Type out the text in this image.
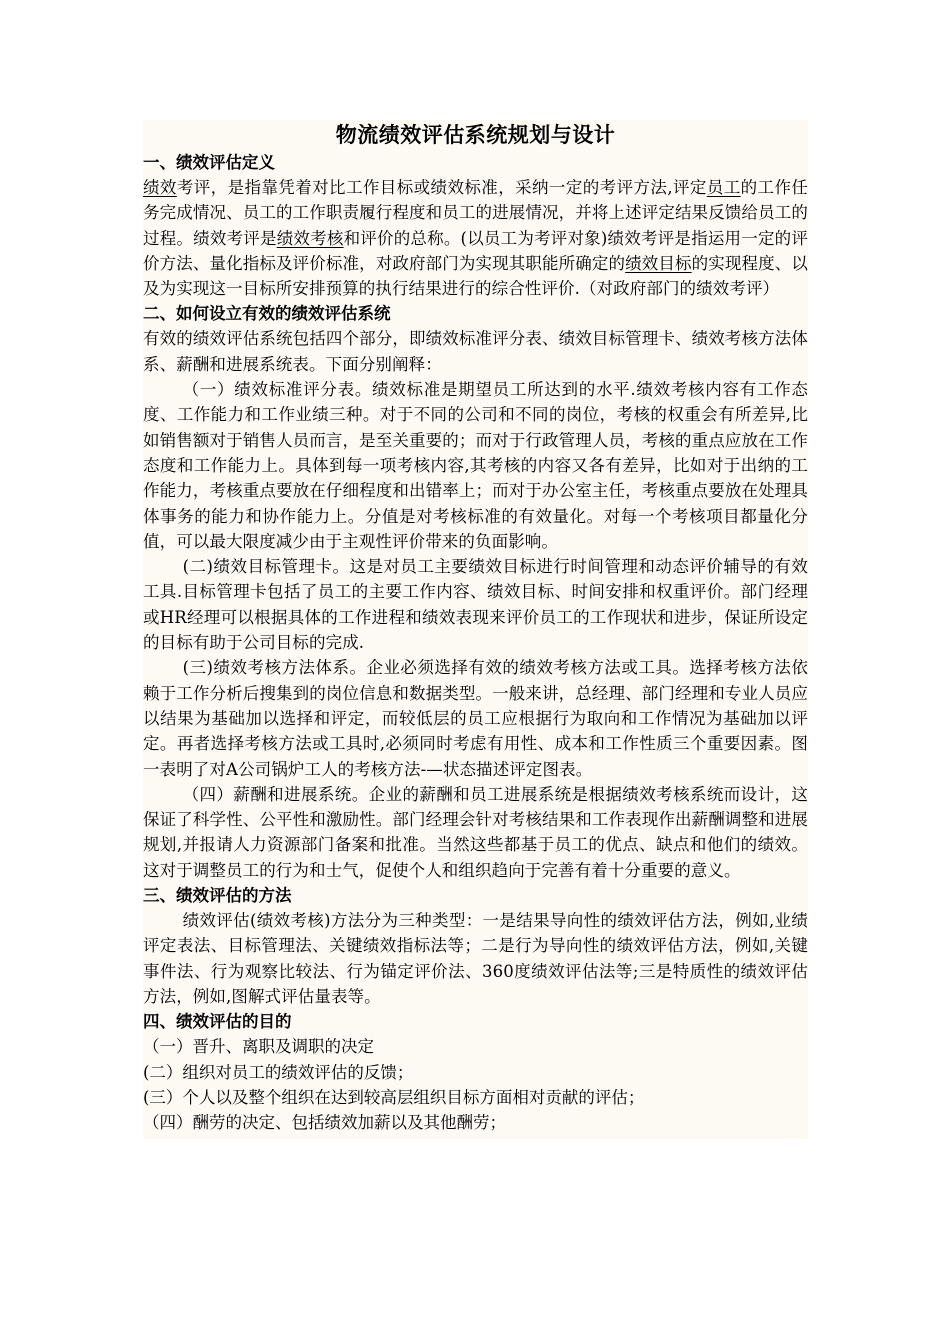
物流绩效评估系统规划与设计
一、绩效评估定义

绩效考评，是指靠凭着对比工作目标或绩效标准，采纳一定的考评方法,评定员工的工作任务完成情况、员工的工作职责履行程度和员工的进展情况，并将上述评定结果反馈给员工的过程。绩效考评是绩效考核和评价的总称。(以员工为考评对象)绩效考评是指运用一定的评价方法、量化指标及评价标准，对政府部门为实现其职能所确定的绩效目标的实现程度、以及为实现这一目标所安排预算的执行结果进行的综合性评价.（对政府部门的绩效考评）

二、如何设立有效的绩效评估系统

有效的绩效评估系统包括四个部分，即绩效标准评分表、绩效目标管理卡、绩效考核方法体系、薪酬和进展系统表。下面分别阐释：

（一）绩效标准评分表。绩效标准是期望员工所达到的水平.绩效考核内容有工作态度、工作能力和工作业绩三种。对于不同的公司和不同的岗位，考核的权重会有所差异,比如销售额对于销售人员而言，是至关重要的；而对于行政管理人员，考核的重点应放在工作态度和工作能力上。具体到每一项考核内容,其考核的内容又各有差异，比如对于出纳的工作能力，考核重点要放在仔细程度和出错率上；而对于办公室主任，考核重点要放在处理具体事务的能力和协作能力上。分值是对考核标准的有效量化。对每一个考核项目都量化分值，可以最大限度减少由于主观性评价带来的负面影响。

(二)绩效目标管理卡。这是对员工主要绩效目标进行时间管理和动态评价辅导的有效工具.目标管理卡包括了员工的主要工作内容、绩效目标、时间安排和权重评价。部门经理或HR经理可以根据具体的工作进程和绩效表现来评价员工的工作现状和进步，保证所设定的目标有助于公司目标的完成.

(三)绩效考核方法体系。企业必须选择有效的绩效考核方法或工具。选择考核方法依赖于工作分析后搜集到的岗位信息和数据类型。一般来讲，总经理、部门经理和专业人员应以结果为基础加以选择和评定，而较低层的员工应根据行为取向和工作情况为基础加以评定。再者选择考核方法或工具时,必须同时考虑有用性、成本和工作性质三个重要因素。图一表明了对A公司锅炉工人的考核方法-—状态描述评定图表。

（四）薪酬和进展系统。企业的薪酬和员工进展系统是根据绩效考核系统而设计，这保证了科学性、公平性和激励性。部门经理会针对考核结果和工作表现作出薪酬调整和进展规划,并报请人力资源部门备案和批准。当然这些都基于员工的优点、缺点和他们的绩效。这对于调整员工的行为和士气，促使个人和组织趋向于完善有着十分重要的意义。

三、绩效评估的方法

绩效评估(绩效考核)方法分为三种类型：一是结果导向性的绩效评估方法，例如,业绩评定表法、目标管理法、关键绩效指标法等；二是行为导向性的绩效评估方法，例如,关键事件法、行为观察比较法、行为锚定评价法、360度绩效评估法等;三是特质性的绩效评估方法，例如,图解式评估量表等。

四、绩效评估的目的

（一）晋升、离职及调职的决定

(二）组织对员工的绩效评估的反馈；

(三）个人以及整个组织在达到较高层组织目标方面相对贡献的评估；

（四）酬劳的决定、包括绩效加薪以及其他酬劳；
